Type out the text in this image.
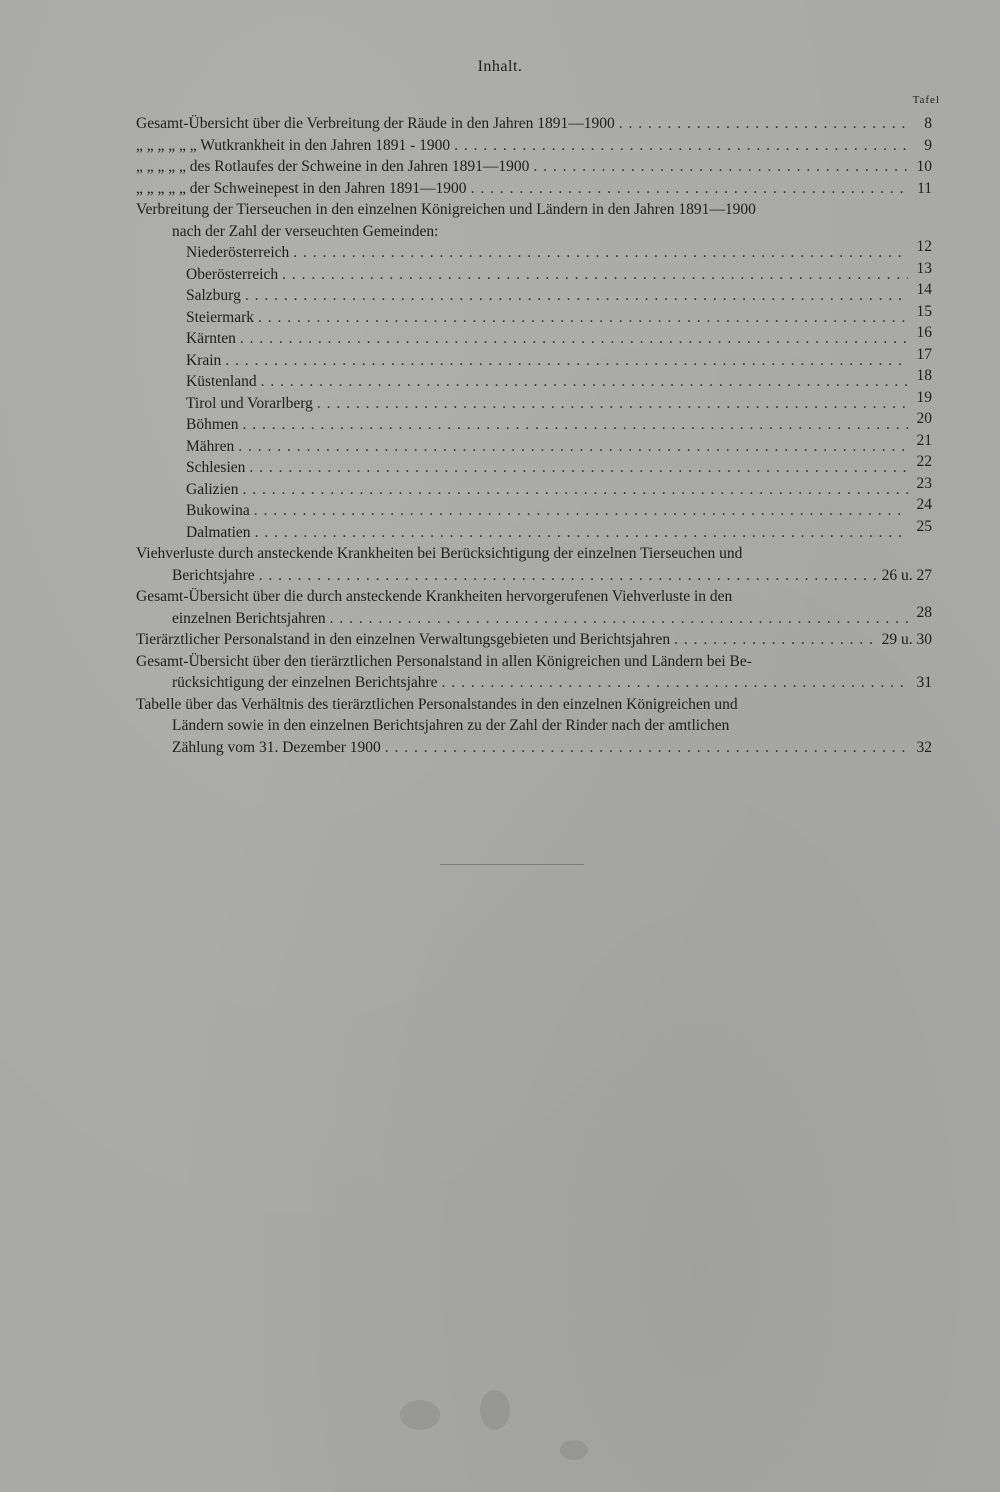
Inhalt.
Tafel
Gesamt-Übersicht über die Verbreitung der Räude in den Jahren 1891—1900 . . .	8
„ „ „ „ „ „ Wutkrankheit in den Jahren 1891 - 1900 . . .	9
„ „ „ „ „ des Rotlaufes der Schweine in den Jahren 1891—1900 . . .	10
„ „ „ „ „ der Schweinepest in den Jahren 1891—1900 . . .	11
Verbreitung der Tierseuchen in den einzelnen Königreichen und Ländern in den Jahren 1891—1900
nach der Zahl der verseuchten Gemeinden:
Niederösterreich . . .	12
Oberösterreich . . .	13
Salzburg . . .	14
Steiermark . . .	15
Kärnten . . .	16
Krain . . .	17
Küstenland . . .	18
Tirol und Vorarlberg . . .	19
Böhmen . . .	20
Mähren . . .	21
Schlesien . . .	22
Galizien . . .	23
Bukowina . . .	24
Dalmatien . . .	25
Viehverluste durch ansteckende Krankheiten bei Berücksichtigung der einzelnen Tierseuchen und
Berichtsjahre . . .	26 u. 27
Gesamt-Übersicht über die durch ansteckende Krankheiten hervorgerufenen Viehverluste in den
einzelnen Berichtsjahren . . .	28
Tierärztlicher Personalstand in den einzelnen Verwaltungsgebieten und Berichtsjahren . . .	29 u. 30
Gesamt-Übersicht über den tierärztlichen Personalstand in allen Königreichen und Ländern bei Be-
rücksichtigung der einzelnen Berichtsjahre . . .	31
Tabelle über das Verhältnis des tierärztlichen Personalstandes in den einzelnen Königreichen und
Ländern sowie in den einzelnen Berichtsjahren zu der Zahl der Rinder nach der amtlichen
Zählung vom 31. Dezember 1900 . . .	32
